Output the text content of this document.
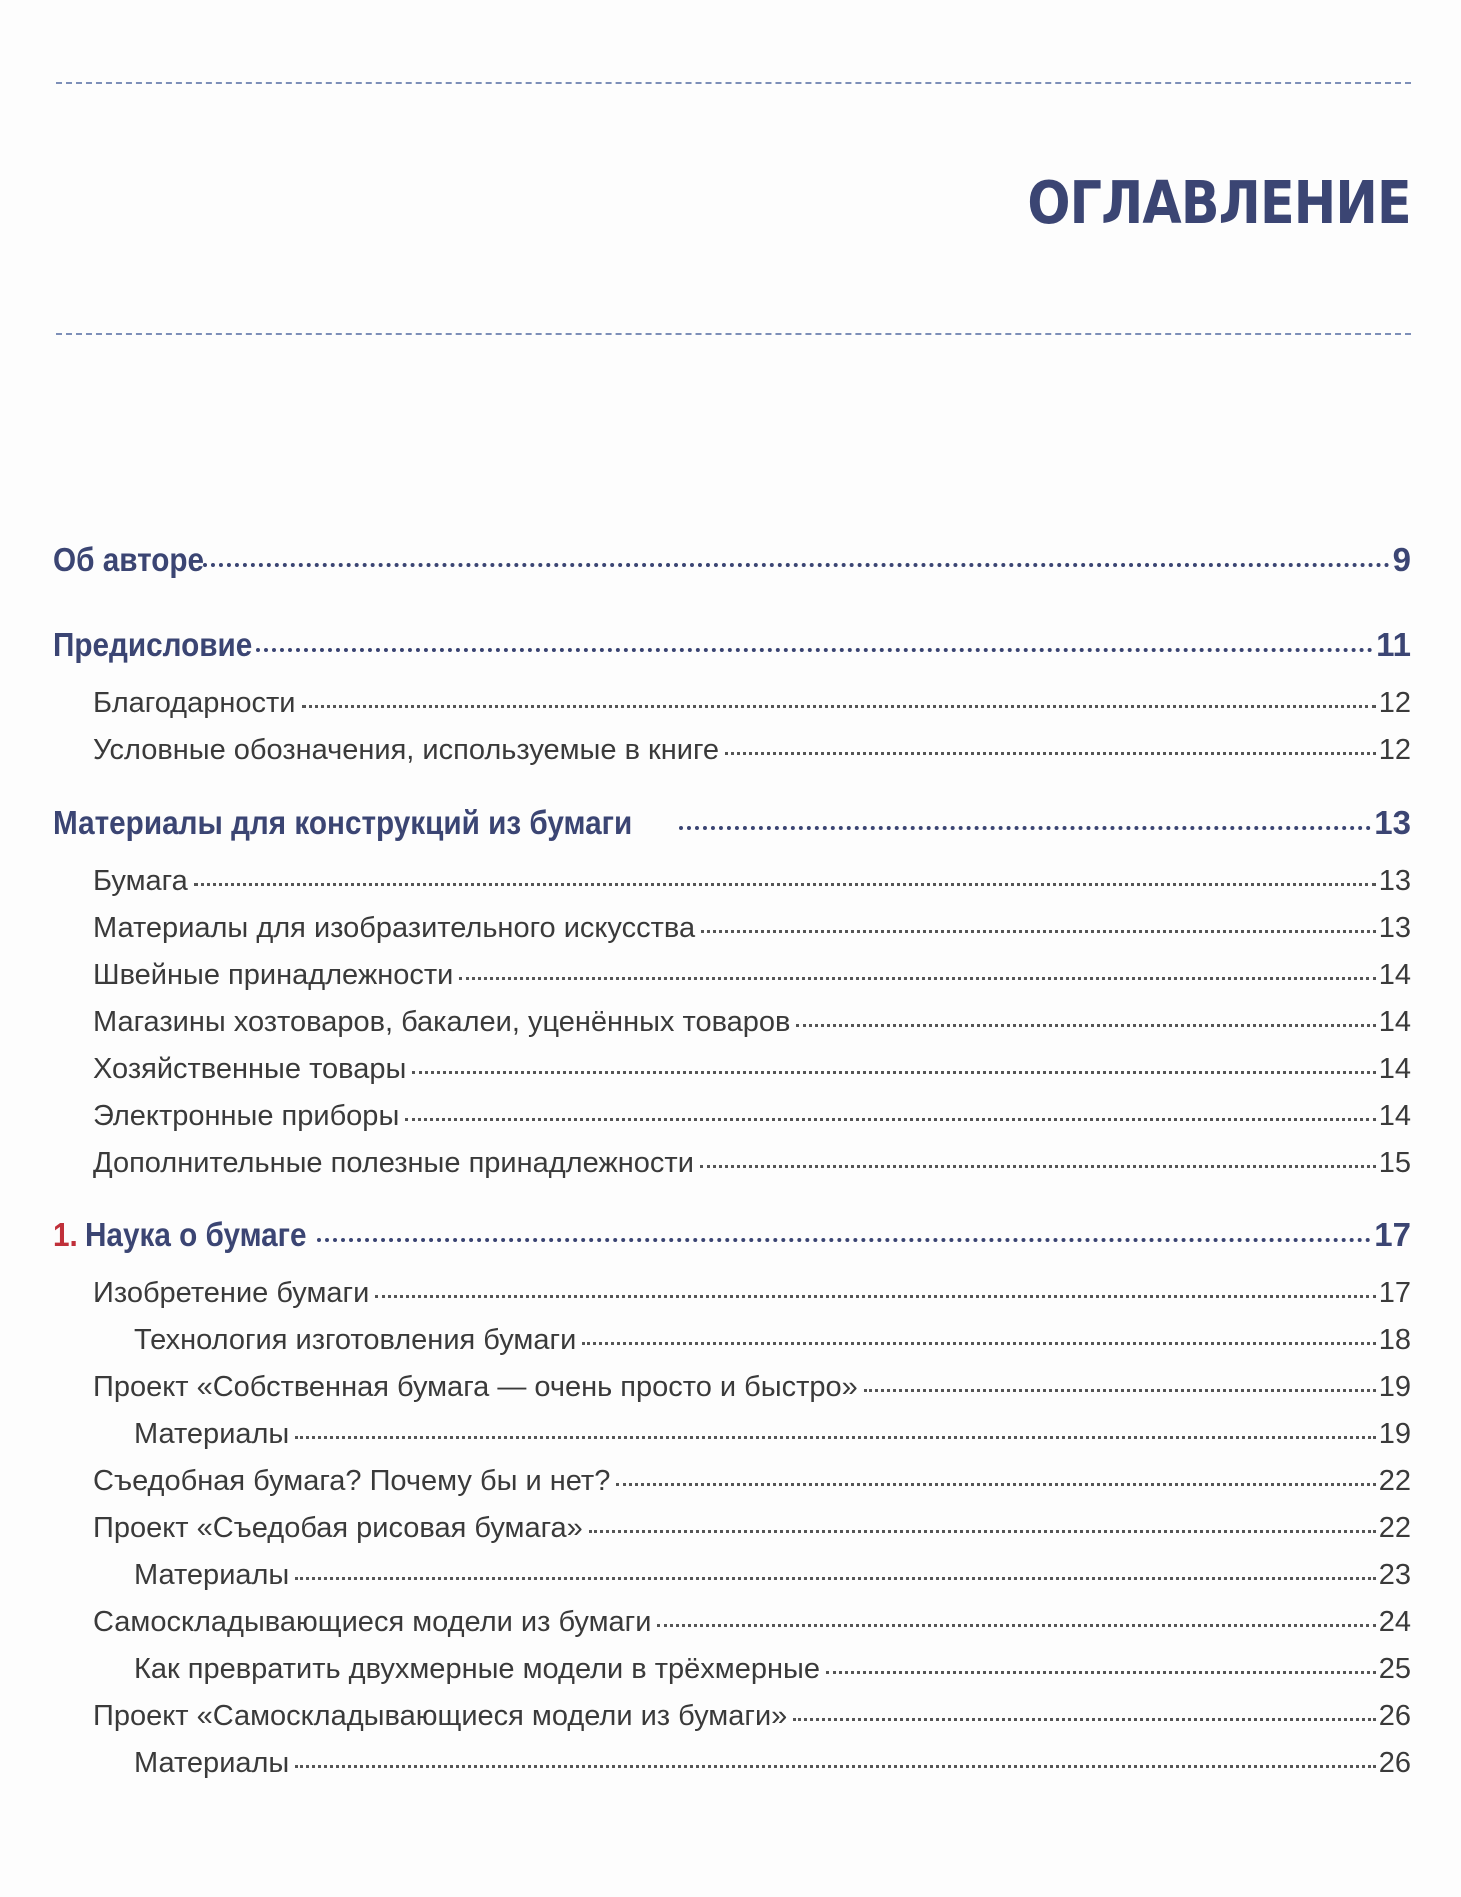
ОГЛАВЛЕНИЕ
Об авторе	9
Предисловие	11
Благодарности	12
Условные обозначения, используемые в книге	12
Материалы для конструкций из бумаги	13
Бумага	13
Материалы для изобразительного искусства	13
Швейные принадлежности	14
Магазины хозтоваров, бакалеи, уценённых товаров	14
Хозяйственные товары	14
Электронные приборы	14
Дополнительные полезные принадлежности	15
1. Наука о бумаге	17
Изобретение бумаги	17
Технология изготовления бумаги	18
Проект «Собственная бумага — очень просто и быстро»	19
Материалы	19
Съедобная бумага? Почему бы и нет?	22
Проект «Съедобая рисовая бумага»	22
Материалы	23
Самоскладывающиеся модели из бумаги	24
Как превратить двухмерные модели в трёхмерные	25
Проект «Самоскладывающиеся модели из бумаги»	26
Материалы	26
